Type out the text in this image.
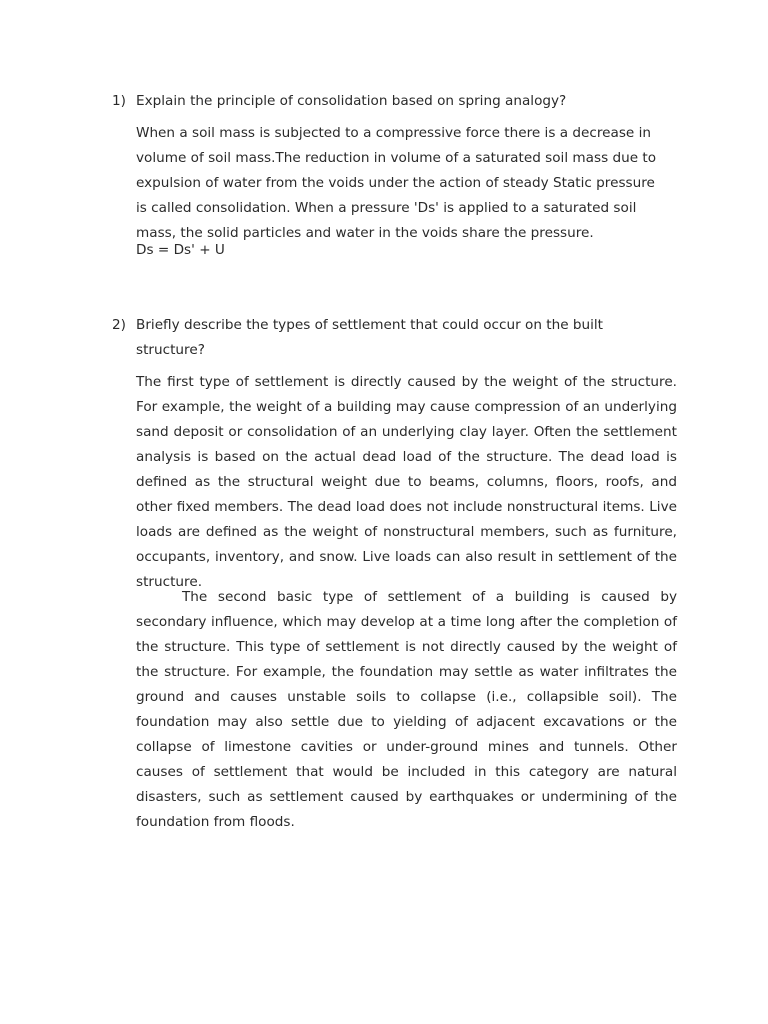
1) Explain the principle of consolidation based on spring analogy?

When a soil mass is subjected to a compressive force there is a decrease in volume of soil mass.The reduction in volume of a saturated soil mass due to expulsion of water from the voids under the action of steady Static pressure is called consolidation. When a pressure 'Ds' is applied to a saturated soil mass, the solid particles and water in the voids share the pressure.

Ds = Ds' + U
2) Briefly describe the types of settlement that could occur on the built structure?

The first type of settlement is directly caused by the weight of the structure. For example, the weight of a building may cause compression of an underlying sand deposit or consolidation of an underlying clay layer. Often the settlement analysis is based on the actual dead load of the structure. The dead load is defined as the structural weight due to beams, columns, floors, roofs, and other fixed members. The dead load does not include nonstructural items. Live loads are defined as the weight of nonstructural members, such as furniture, occupants, inventory, and snow. Live loads can also result in settlement of the structure.

The second basic type of settlement of a building is caused by secondary influence, which may develop at a time long after the completion of the structure. This type of settlement is not directly caused by the weight of the structure. For example, the foundation may settle as water infiltrates the ground and causes unstable soils to collapse (i.e., collapsible soil). The foundation may also settle due to yielding of adjacent excavations or the collapse of limestone cavities or under-ground mines and tunnels. Other causes of settlement that would be included in this category are natural disasters, such as settlement caused by earthquakes or undermining of the foundation from floods.
